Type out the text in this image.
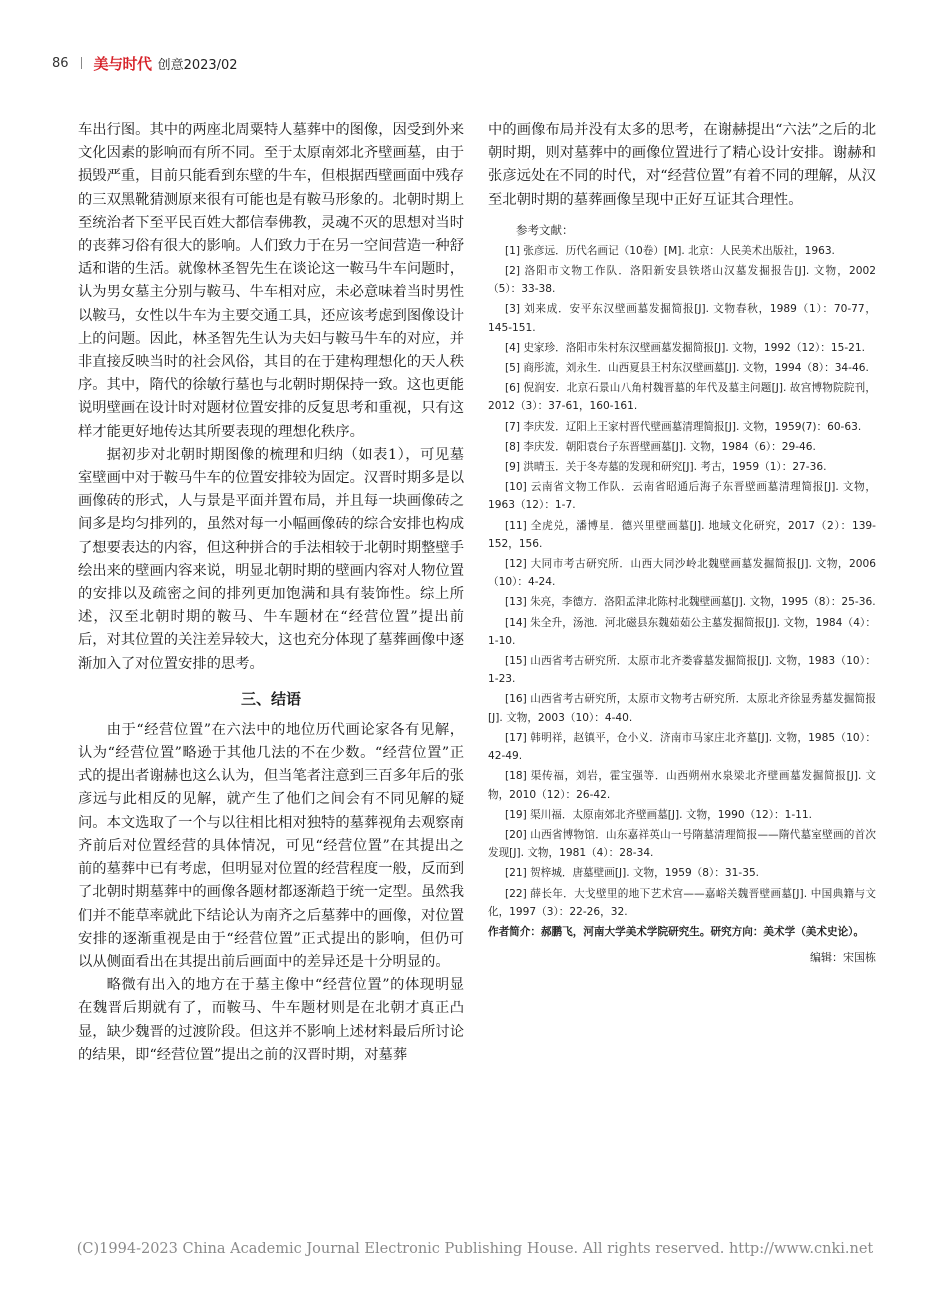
86 美与时代 创意2023/02

车出行图。其中的两座北周粟特人墓葬中的图像，因受到外来文化因素的影响而有所不同。至于太原南郊北齐壁画墓，由于损毁严重，目前只能看到东壁的牛车，但根据西壁画面中残存的三双黑靴猜测原来很有可能也是有鞍马形象的。北朝时期上至统治者下至平民百姓大都信奉佛教，灵魂不灭的思想对当时的丧葬习俗有很大的影响。人们致力于在另一空间营造一种舒适和谐的生活。就像林圣智先生在谈论这一鞍马牛车问题时，认为男女墓主分别与鞍马、牛车相对应，未必意味着当时男性以鞍马，女性以牛车为主要交通工具，还应该考虑到图像设计上的问题。因此，林圣智先生认为夫妇与鞍马牛车的对应，并非直接反映当时的社会风俗，其目的在于建构理想化的天人秩序。其中，隋代的徐敏行墓也与北朝时期保持一致。这也更能说明壁画在设计时对题材位置安排的反复思考和重视，只有这样才能更好地传达其所要表现的理想化秩序。

据初步对北朝时期图像的梳理和归纳（如表1），可见墓室壁画中对于鞍马牛车的位置安排较为固定。汉晋时期多是以画像砖的形式，人与景是平面并置布局，并且每一块画像砖之间多是均匀排列的，虽然对每一小幅画像砖的综合安排也构成了想要表达的内容，但这种拼合的手法相较于北朝时期整壁手绘出来的壁画内容来说，明显北朝时期的壁画内容对人物位置的安排以及疏密之间的排列更加饱满和具有装饰性。综上所述，汉至北朝时期的鞍马、牛车题材在“经营位置”提出前后，对其位置的关注差异较大，这也充分体现了墓葬画像中逐渐加入了对位置安排的思考。

三、结语

由于“经营位置”在六法中的地位历代画论家各有见解，认为“经营位置”略逊于其他几法的不在少数。“经营位置”正式的提出者谢赫也这么认为，但当笔者注意到三百多年后的张彦远与此相反的见解，就产生了他们之间会有不同见解的疑问。本文选取了一个与以往相比相对独特的墓葬视角去观察南齐前后对位置经营的具体情况，可见“经营位置”在其提出之前的墓葬中已有考虑，但明显对位置的经营程度一般，反而到了北朝时期墓葬中的画像各题材都逐渐趋于统一定型。虽然我们并不能草率就此下结论认为南齐之后墓葬中的画像，对位置安排的逐渐重视是由于“经营位置”正式提出的影响，但仍可以从侧面看出在其提出前后画面中的差异还是十分明显的。

略微有出入的地方在于墓主像中“经营位置”的体现明显在魏晋后期就有了，而鞍马、牛车题材则是在北朝才真正凸显，缺少魏晋的过渡阶段。但这并不影响上述材料最后所讨论的结果，即“经营位置”提出之前的汉晋时期，对墓葬

中的画像布局并没有太多的思考，在谢赫提出“六法”之后的北朝时期，则对墓葬中的画像位置进行了精心设计安排。谢赫和张彦远处在不同的时代，对“经营位置”有着不同的理解，从汉至北朝时期的墓葬画像呈现中正好互证其合理性。

参考文献：

[1] 张彦远．历代名画记（10卷）[M]. 北京：人民美术出版社，1963.

[2] 洛阳市文物工作队．洛阳新安县铁塔山汉墓发掘报告[J]. 文物，2002（5）：33-38.

[3] 刘来成．安平东汉壁画墓发掘简报[J]. 文物春秋，1989（1）：70-77，145-151.

[4] 史家珍．洛阳市朱村东汉壁画墓发掘简报[J]. 文物，1992（12）：15-21.

[5] 商彤流，刘永生．山西夏县王村东汉壁画墓[J]. 文物，1994（8）：34-46.

[6] 倪润安．北京石景山八角村魏晋墓的年代及墓主问题[J]. 故宫博物院院刊，2012（3）：37-61，160-161.

[7] 李庆发．辽阳上王家村晋代壁画墓清理简报[J]. 文物，1959(7)：60-63.

[8] 李庆发．朝阳袁台子东晋壁画墓[J]. 文物，1984（6）：29-46.

[9] 洪晴玉．关于冬寿墓的发现和研究[J]. 考古，1959（1）：27-36.

[10] 云南省文物工作队．云南省昭通后海子东晋壁画墓清理简报[J]. 文物，1963（12）：1-7.

[11] 全虎兑，潘博星．德兴里壁画墓[J]. 地域文化研究，2017（2）：139-152，156.

[12] 大同市考古研究所．山西大同沙岭北魏壁画墓发掘简报[J]. 文物，2006（10）：4-24.

[13] 朱亮，李德方．洛阳孟津北陈村北魏壁画墓[J]. 文物，1995（8）：25-36.

[14] 朱全升，汤池．河北磁县东魏茹茹公主墓发掘简报[J]. 文物，1984（4）：1-10.

[15] 山西省考古研究所．太原市北齐娄睿墓发掘简报[J]. 文物，1983（10）：1-23.

[16] 山西省考古研究所，太原市文物考古研究所．太原北齐徐显秀墓发掘简报[J]. 文物，2003（10）：4-40.

[17] 韩明祥，赵镇平，仓小义．济南市马家庄北齐墓[J]. 文物，1985（10）：42-49.

[18] 渠传福，刘岩，霍宝强等．山西朔州水泉梁北齐壁画墓发掘简报[J]. 文物，2010（12）：26-42.

[19] 渠川福．太原南郊北齐壁画墓[J]. 文物，1990（12）：1-11.

[20] 山西省博物馆．山东嘉祥英山一号隋墓清理简报——隋代墓室壁画的首次发现[J]. 文物，1981（4）：28-34.

[21] 贺梓城．唐墓壁画[J]. 文物，1959（8）：31-35.

[22] 薛长年．大戈壁里的地下艺术宫——嘉峪关魏晋壁画墓[J]. 中国典籍与文化，1997（3）：22-26，32.

作者简介：郝鹏飞，河南大学美术学院研究生。研究方向：美术学（美术史论）。

编辑：宋国栋
(C)1994-2023 China Academic Journal Electronic Publishing House. All rights reserved. http://www.cnki.net
